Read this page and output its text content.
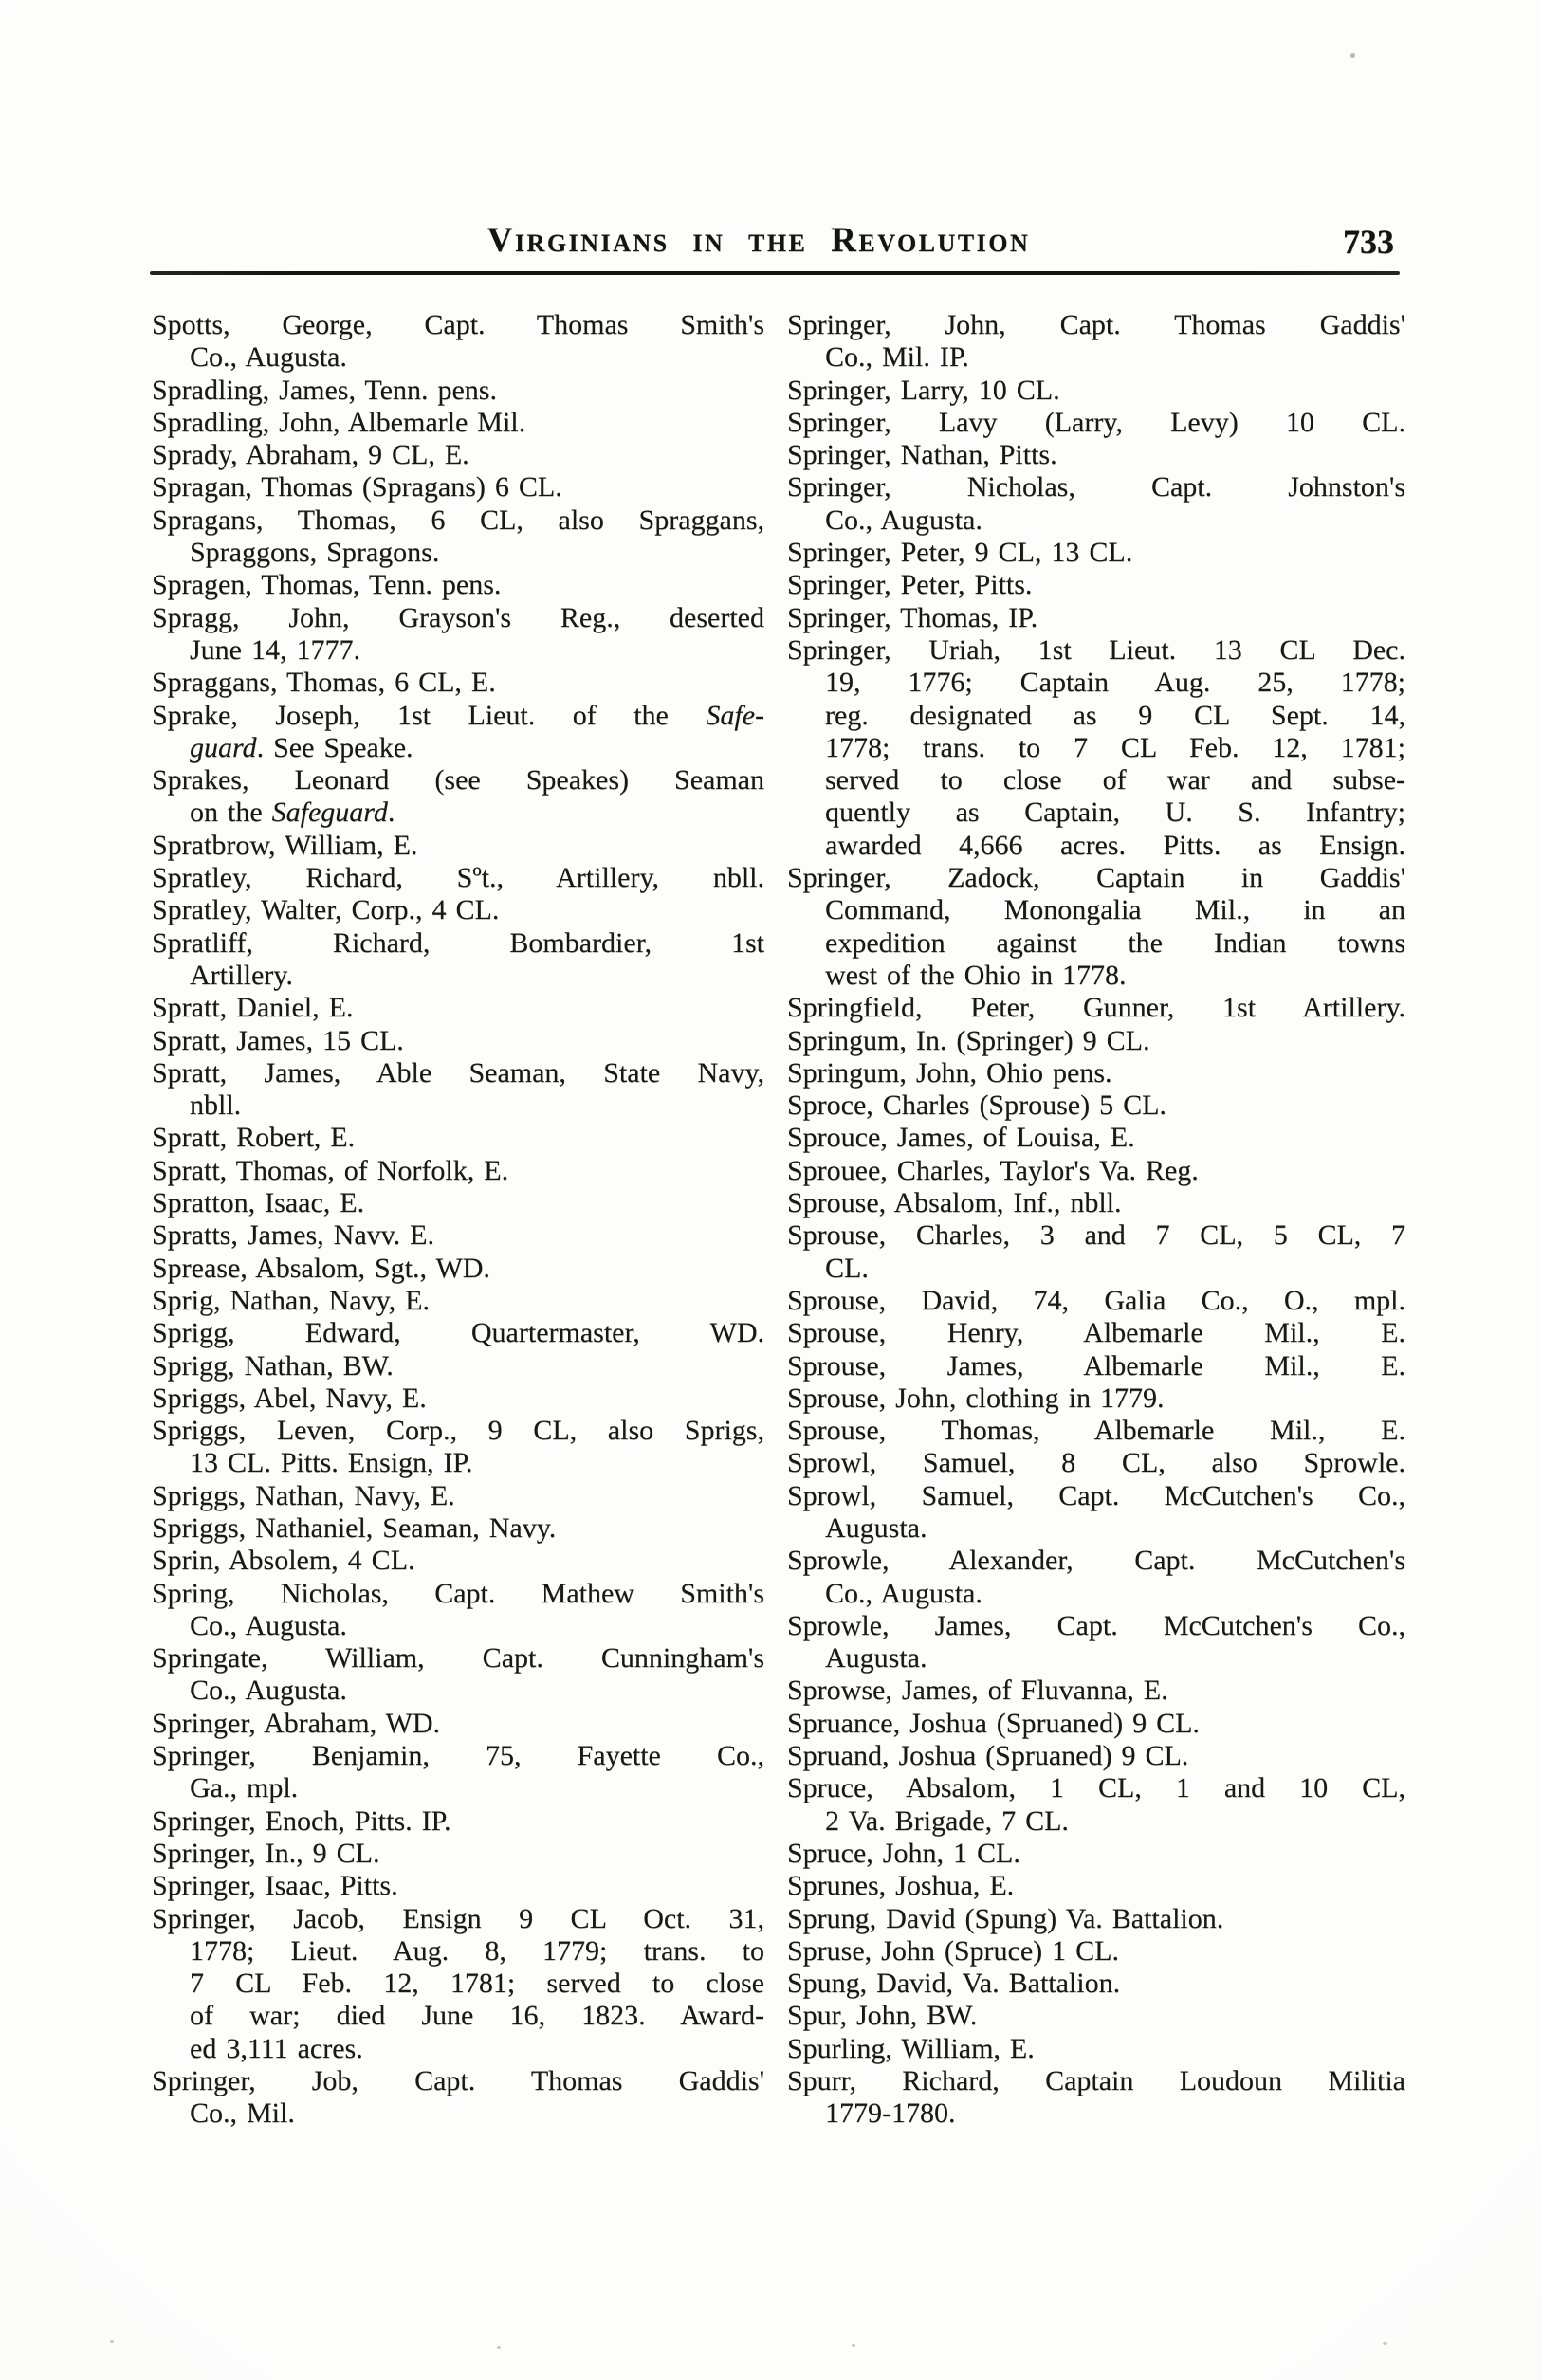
Virginians in the Revolution	733
Spotts, George, Capt. Thomas Smith's
Co., Augusta.
Spradling, James, Tenn. pens.
Spradling, John, Albemarle Mil.
Sprady, Abraham, 9 CL, E.
Spragan, Thomas (Spragans) 6 CL.
Spragans, Thomas, 6 CL, also Spraggans,
Spraggons, Spragons.
Spragen, Thomas, Tenn. pens.
Spragg, John, Grayson's Reg., deserted
June 14, 1777.
Spraggans, Thomas, 6 CL, E.
Sprake, Joseph, 1st Lieut. of the Safe-
guard. See Speake.
Sprakes, Leonard (see Speakes) Seaman
on the Safeguard.
Spratbrow, William, E.
Spratley, Richard, Sºt., Artillery, nbll.
Spratley, Walter, Corp., 4 CL.
Spratliff, Richard, Bombardier, 1st
Artillery.
Spratt, Daniel, E.
Spratt, James, 15 CL.
Spratt, James, Able Seaman, State Navy,
nbll.
Spratt, Robert, E.
Spratt, Thomas, of Norfolk, E.
Spratton, Isaac, E.
Spratts, James, Navv. E.
Sprease, Absalom, Sgt., WD.
Sprig, Nathan, Navy, E.
Sprigg, Edward, Quartermaster, WD.
Sprigg, Nathan, BW.
Spriggs, Abel, Navy, E.
Spriggs, Leven, Corp., 9 CL, also Sprigs,
13 CL. Pitts. Ensign, IP.
Spriggs, Nathan, Navy, E.
Spriggs, Nathaniel, Seaman, Navy.
Sprin, Absolem, 4 CL.
Spring, Nicholas, Capt. Mathew Smith's
Co., Augusta.
Springate, William, Capt. Cunningham's
Co., Augusta.
Springer, Abraham, WD.
Springer, Benjamin, 75, Fayette Co.,
Ga., mpl.
Springer, Enoch, Pitts. IP.
Springer, In., 9 CL.
Springer, Isaac, Pitts.
Springer, Jacob, Ensign 9 CL Oct. 31,
1778; Lieut. Aug. 8, 1779; trans. to
7 CL Feb. 12, 1781; served to close
of war; died June 16, 1823. Award-
ed 3,111 acres.
Springer, Job, Capt. Thomas Gaddis'
Co., Mil.
Springer, John, Capt. Thomas Gaddis'
Co., Mil. IP.
Springer, Larry, 10 CL.
Springer, Lavy (Larry, Levy) 10 CL.
Springer, Nathan, Pitts.
Springer, Nicholas, Capt. Johnston's
Co., Augusta.
Springer, Peter, 9 CL, 13 CL.
Springer, Peter, Pitts.
Springer, Thomas, IP.
Springer, Uriah, 1st Lieut. 13 CL Dec.
19, 1776; Captain Aug. 25, 1778;
reg. designated as 9 CL Sept. 14,
1778; trans. to 7 CL Feb. 12, 1781;
served to close of war and subse-
quently as Captain, U. S. Infantry;
awarded 4,666 acres. Pitts. as Ensign.
Springer, Zadock, Captain in Gaddis'
Command, Monongalia Mil., in an
expedition against the Indian towns
west of the Ohio in 1778.
Springfield, Peter, Gunner, 1st Artillery.
Springum, In. (Springer) 9 CL.
Springum, John, Ohio pens.
Sproce, Charles (Sprouse) 5 CL.
Sprouce, James, of Louisa, E.
Sprouee, Charles, Taylor's Va. Reg.
Sprouse, Absalom, Inf., nbll.
Sprouse, Charles, 3 and 7 CL, 5 CL, 7
CL.
Sprouse, David, 74, Galia Co., O., mpl.
Sprouse, Henry, Albemarle Mil., E.
Sprouse, James, Albemarle Mil., E.
Sprouse, John, clothing in 1779.
Sprouse, Thomas, Albemarle Mil., E.
Sprowl, Samuel, 8 CL, also Sprowle.
Sprowl, Samuel, Capt. McCutchen's Co.,
Augusta.
Sprowle, Alexander, Capt. McCutchen's
Co., Augusta.
Sprowle, James, Capt. McCutchen's Co.,
Augusta.
Sprowse, James, of Fluvanna, E.
Spruance, Joshua (Spruaned) 9 CL.
Spruand, Joshua (Spruaned) 9 CL.
Spruce, Absalom, 1 CL, 1 and 10 CL,
2 Va. Brigade, 7 CL.
Spruce, John, 1 CL.
Sprunes, Joshua, E.
Sprung, David (Spung) Va. Battalion.
Spruse, John (Spruce) 1 CL.
Spung, David, Va. Battalion.
Spur, John, BW.
Spurling, William, E.
Spurr, Richard, Captain Loudoun Militia
1779-1780.
